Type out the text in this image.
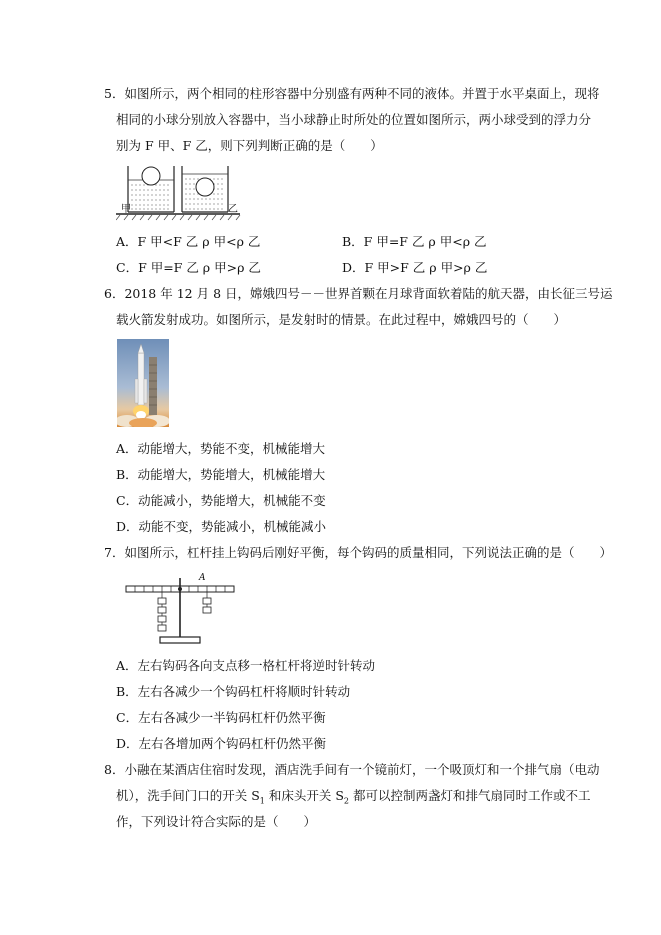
5．如图所示，两个相同的柱形容器中分别盛有两种不同的液体。并置于水平桌面上，现将
相同的小球分别放入容器中，当小球静止时所处的位置如图所示，两小球受到的浮力分
别为 F 甲、F 乙，则下列判断正确的是（　　）
甲	乙
A．F 甲<F 乙 ρ 甲<ρ 乙	B．F 甲=F 乙 ρ 甲<ρ 乙
C．F 甲=F 乙 ρ 甲>ρ 乙	D．F 甲>F 乙 ρ 甲>ρ 乙
6．2018 年 12 月 8 日，嫦娥四号－－世界首颗在月球背面软着陆的航天器，由长征三号运
载火箭发射成功。如图所示，是发射时的情景。在此过程中，嫦娥四号的（　　）
A．动能增大，势能不变，机械能增大
B．动能增大，势能增大，机械能增大
C．动能减小，势能增大，机械能不变
D．动能不变，势能减小，机械能减小
7．如图所示，杠杆挂上钩码后刚好平衡，每个钩码的质量相同，下列说法正确的是（　　）
A
A．左右钩码各向支点移一格杠杆将逆时针转动
B．左右各减少一个钩码杠杆将顺时针转动
C．左右各减少一半钩码杠杆仍然平衡
D．左右各增加两个钩码杠杆仍然平衡
8．小融在某酒店住宿时发现，酒店洗手间有一个镜前灯，一个吸顶灯和一个排气扇（电动
机），洗手间门口的开关 $S_1$ 和床头开关 $S_2$ 都可以控制两盏灯和排气扇同时工作或不工
作，下列设计符合实际的是（　　）
